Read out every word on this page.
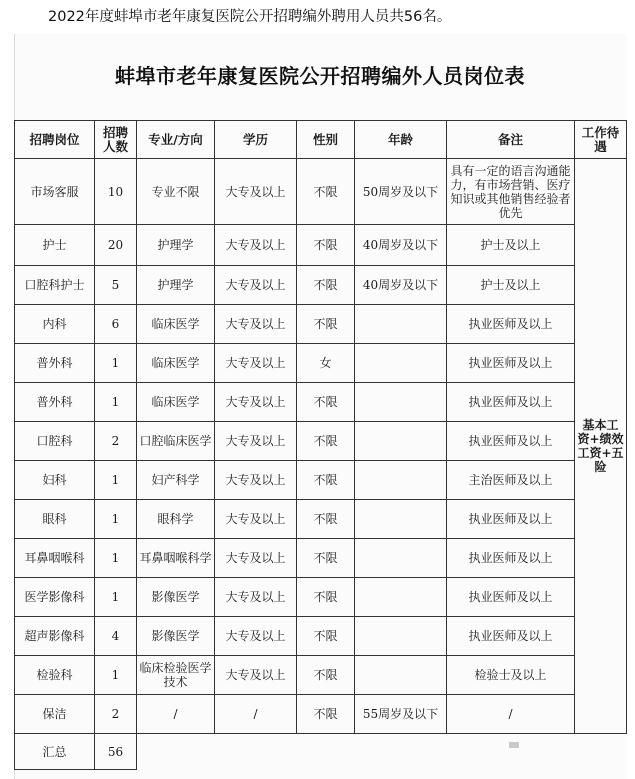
2022年度蚌埠市老年康复医院公开招聘编外聘用人员共56名。
蚌埠市老年康复医院公开招聘编外人员岗位表
招聘岗位	招聘人数	专业/方向	学历	性别	年龄	备注	工作待遇
市场客服	10	专业不限	大专及以上	不限	50周岁及以下	具有一定的语言沟通能力，有市场营销、医疗知识或其他销售经验者优先	基本工资+绩效工资+五险
护士	20	护理学	大专及以上	不限	40周岁及以下	护士及以上	
口腔科护士	5	护理学	大专及以上	不限	40周岁及以下	护士及以上	
内科	6	临床医学	大专及以上	不限		执业医师及以上	
普外科	1	临床医学	大专及以上	女		执业医师及以上	
普外科	1	临床医学	大专及以上	不限		执业医师及以上	
口腔科	2	口腔临床医学	大专及以上	不限		执业医师及以上	
妇科	1	妇产科学	大专及以上	不限		主治医师及以上	
眼科	1	眼科学	大专及以上	不限		执业医师及以上	
耳鼻咽喉科	1	耳鼻咽喉科学	大专及以上	不限		执业医师及以上	
医学影像科	1	影像医学	大专及以上	不限		执业医师及以上	
超声影像科	4	影像医学	大专及以上	不限		执业医师及以上	
检验科	1	临床检验医学技术	大专及以上	不限		检验士及以上	
保洁	2	/	/	不限	55周岁及以下	/	
汇总	56						
